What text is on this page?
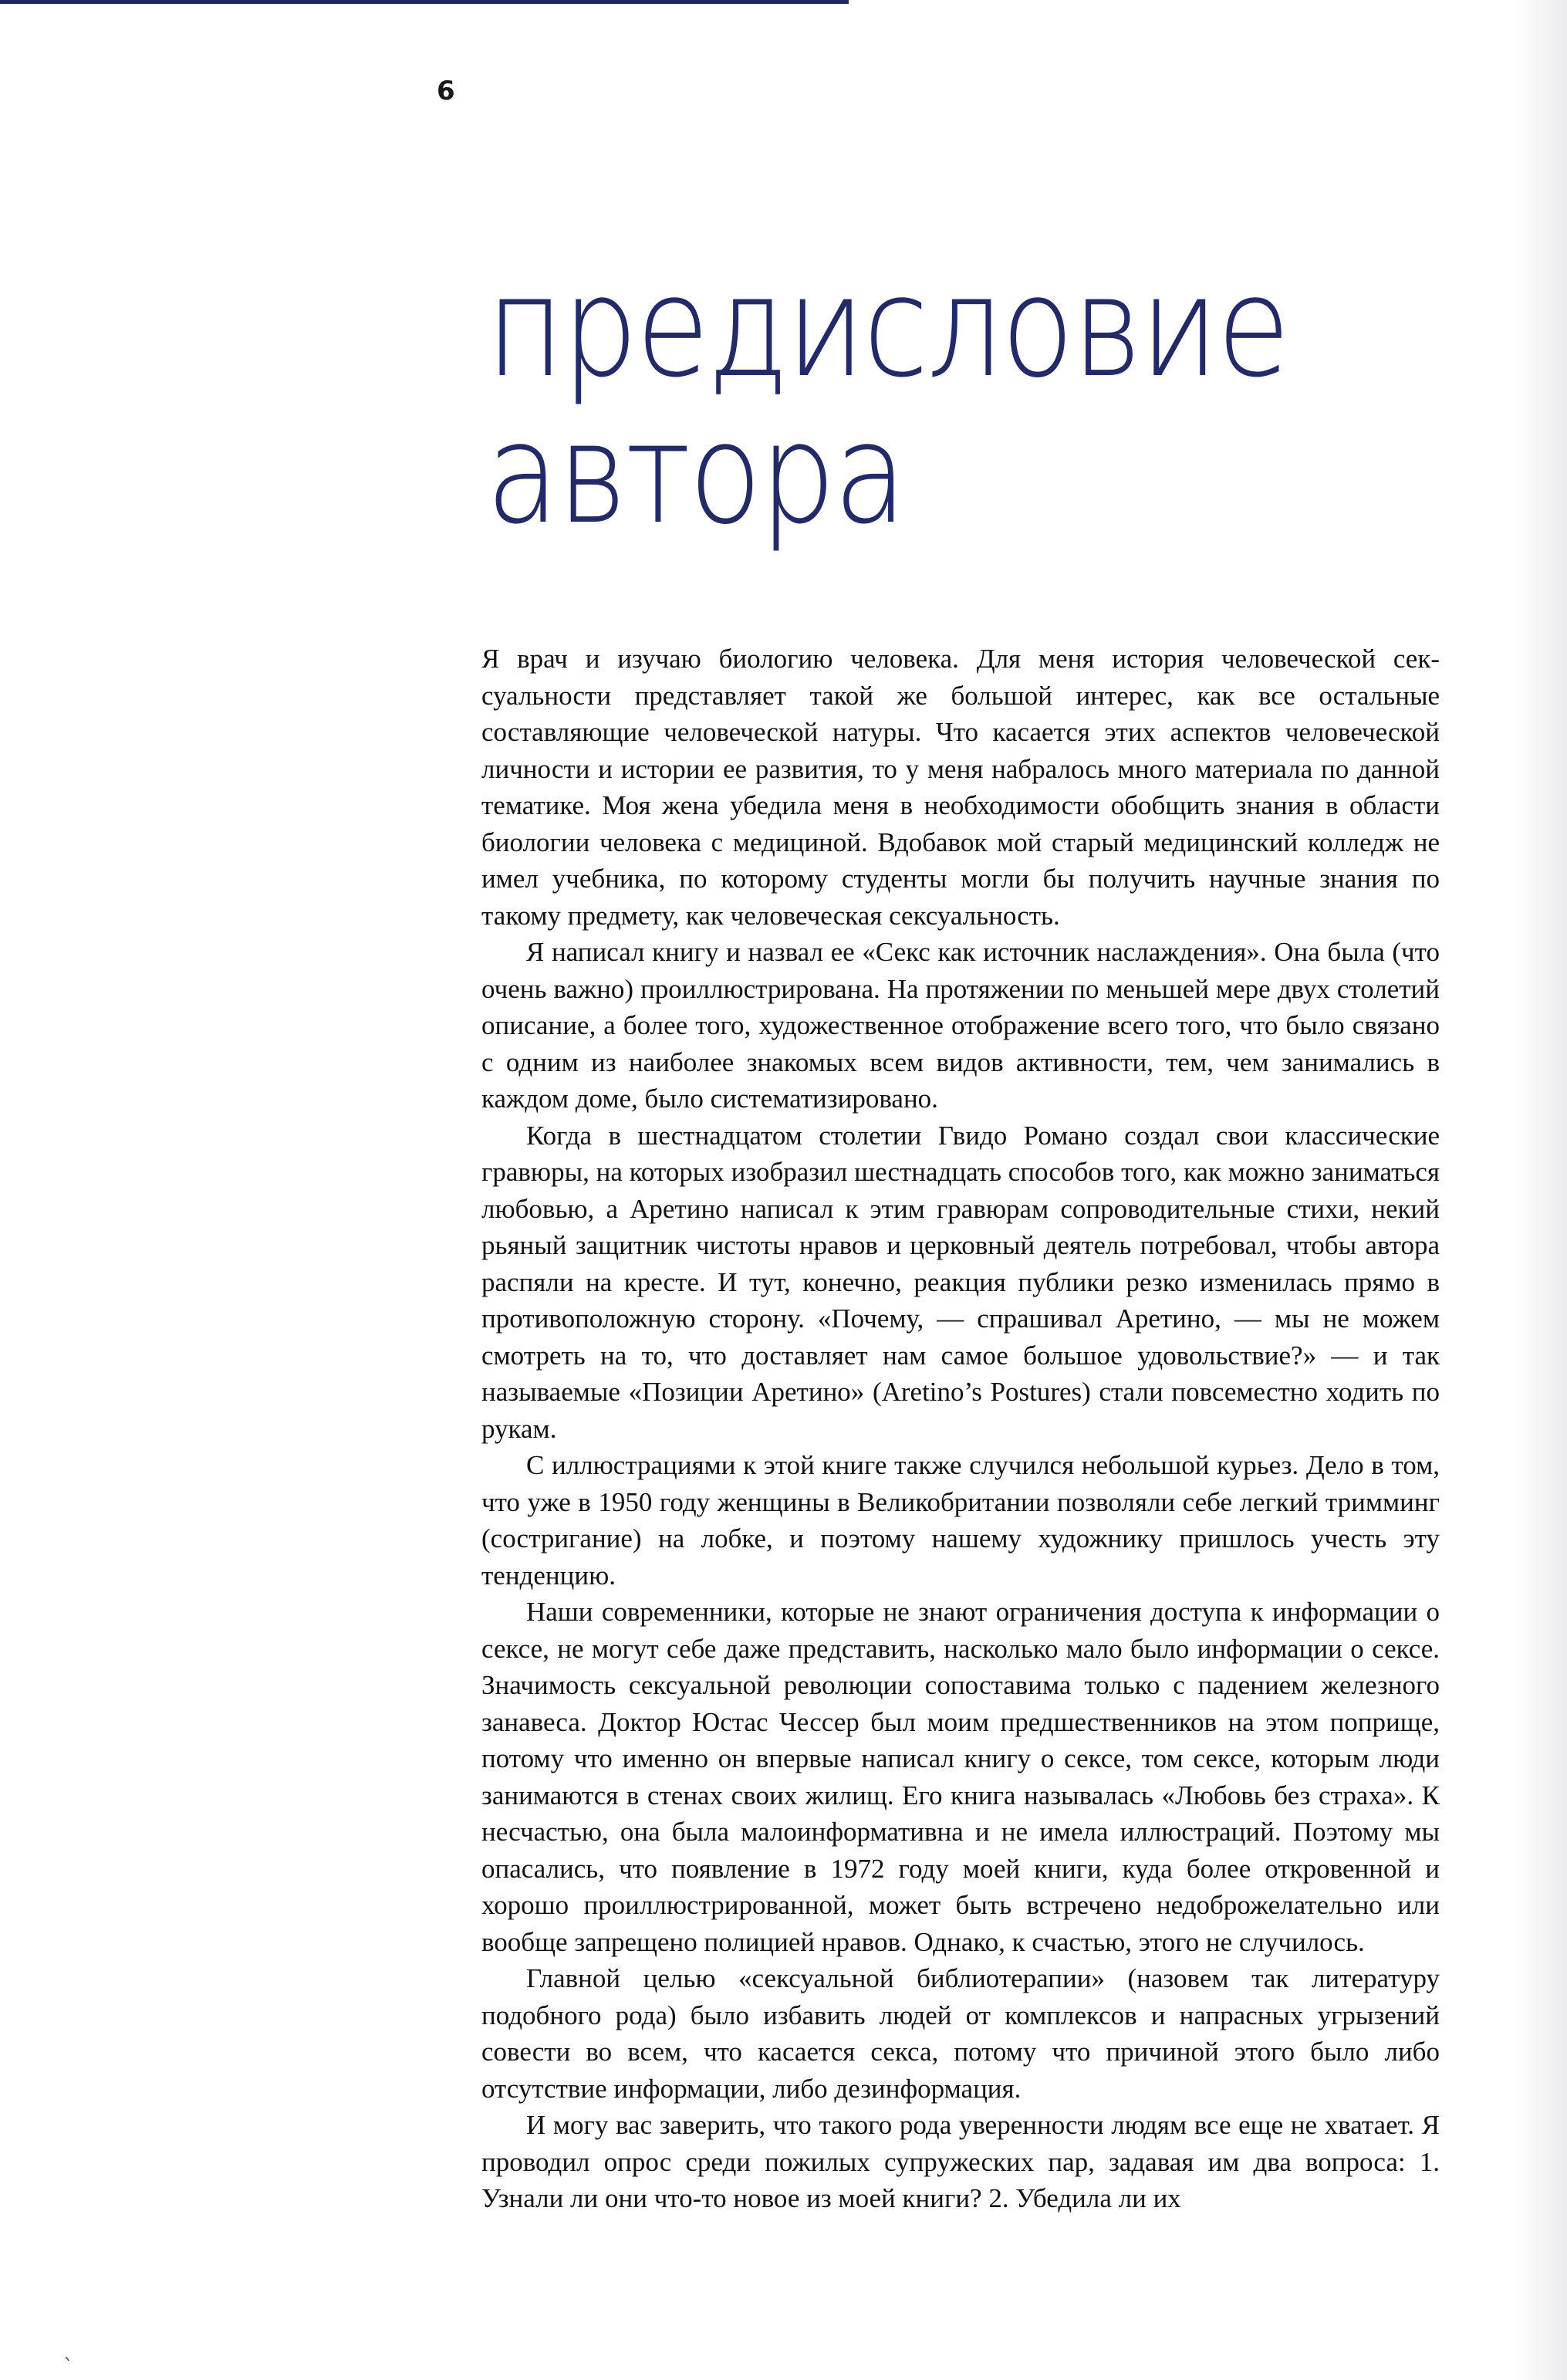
6
предисловие
автора

Я врач и изучаю биологию человека. Для меня история человеческой сексуальности представляет такой же большой интерес, как все остальные составляющие человеческой натуры. Что касается этих аспектов человеческой личности и истории ее развития, то у меня набралось много материала по данной тематике. Моя жена убедила меня в необходимости обобщить знания в области биологии человека с медициной. Вдобавок мой старый медицинский колледж не имел учебника, по которому студенты могли бы получить научные знания по такому предмету, как человеческая сексуальность.

Я написал книгу и назвал ее «Секс как источник наслаждения». Она была (что очень важно) проиллюстрирована. На протяжении по меньшей мере двух столетий описание, а более того, художественное отображение всего того, что было связано с одним из наиболее знакомых всем видов активности, тем, чем занимались в каждом доме, было систематизировано.

Когда в шестнадцатом столетии Гвидо Романо создал свои классические гравюры, на которых изобразил шестнадцать способов того, как можно заниматься любовью, а Аретино написал к этим гравюрам сопроводительные стихи, некий рьяный защитник чистоты нравов и церковный деятель потребовал, чтобы автора распяли на кресте. И тут, конечно, реакция публики резко изменилась прямо в противоположную сторону. «Почему, — спрашивал Аретино, — мы не можем смотреть на то, что доставляет нам самое большое удовольствие?» — и так называемые «Позиции Аретино» (Aretino’s Postures) стали повсеместно ходить по рукам.

С иллюстрациями к этой книге также случился небольшой курьез. Дело в том, что уже в 1950 году женщины в Великобритании позволяли себе легкий тримминг (состригание) на лобке, и поэтому нашему художнику пришлось учесть эту тенденцию.

Наши современники, которые не знают ограничения доступа к информации о сексе, не могут себе даже представить, насколько мало было информации о сексе. Значимость сексуальной революции сопоставима только с падением железного занавеса. Доктор Юстас Чессер был моим предшественников на этом поприще, потому что именно он впервые написал книгу о сексе, том сексе, которым люди занимаются в стенах своих жилищ. Его книга называлась «Любовь без страха». К несчастью, она была малоинформативна и не имела иллюстраций. Поэтому мы опасались, что появление в 1972 году моей книги, куда более откровенной и хорошо проиллюстрированной, может быть встречено недоброжелательно или вообще запрещено полицией нравов. Однако, к счастью, этого не случилось.

Главной целью «сексуальной библиотерапии» (назовем так литературу подобного рода) было избавить людей от комплексов и напрасных угрызений совести во всем, что касается секса, потому что причиной этого было либо отсутствие информации, либо дезинформация.

И могу вас заверить, что такого рода уверенности людям все еще не хватает. Я проводил опрос среди пожилых супружеских пар, задавая им два вопроса: 1. Узнали ли они что-то новое из моей книги? 2. Убедила ли их

`
